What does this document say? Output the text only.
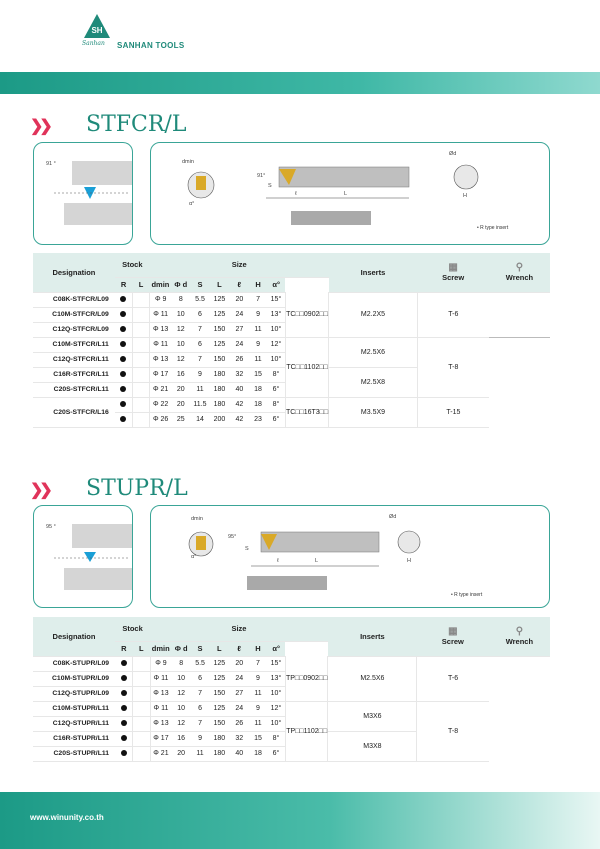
SH
Sanhan SANHAN TOOLS
❯❯ STFCR/L
91 °	dmin
α°
91°
S
ℓ	L
Ød
H
• R type insert
Designation	Stock		Size								Inserts	▦
Screw	⚲
Wrench
	R	L	dmin	Φ d	S	L	ℓ	H	α°				
C08K-STFCR/L09			Φ 9	8	5.5	125	20	7	15°	TC□□0902□□	M2.2X5	T-6	
C10M-STFCR/L09			Φ 11	10	6	125	24	9	13°				
C12Q-STFCR/L09			Φ 13	12	7	150	27	11	10°				
C10M-STFCR/L11			Φ 11	10	6	125	24	9	12°	TC□□1102□□	M2.5X6	T-8	
C12Q-STFCR/L11			Φ 13	12	7	150	26	11	10°				
C16R-STFCR/L11			Φ 17	16	9	180	32	15	8°		M2.5X8		
C20S-STFCR/L11			Φ 21	20	11	180	40	18	6°				
C20S-STFCR/L16			Φ 22	20	11.5	180	42	18	8°	TC□□16T3□□	M3.5X9	T-15	
			Φ 26	25	14	200	42	23	6°				
❯❯ STUPR/L
95 °
dmin
α°
95°
S
ℓ	L
Ød
H
• R type insert
Designation	Stock		Size								Inserts	▦
Screw	⚲
Wrench
	R	L	dmin	Φ d	S	L	ℓ	H	α°				
C08K-STUPR/L09			Φ 9	8	5.5	125	20	7	15°	TP□□0902□□	M2.5X6	T-6	
C10M-STUPR/L09			Φ 11	10	6	125	24	9	13°				
C12Q-STUPR/L09			Φ 13	12	7	150	27	11	10°				
C10M-STUPR/L11			Φ 11	10	6	125	24	9	12°	TP□□1102□□	M3X6	T-8	
C12Q-STUPR/L11			Φ 13	12	7	150	26	11	10°				
C16R-STUPR/L11			Φ 17	16	9	180	32	15	8°		M3X8		
C20S-STUPR/L11			Φ 21	20	11	180	40	18	6°				
www.winunity.co.th
